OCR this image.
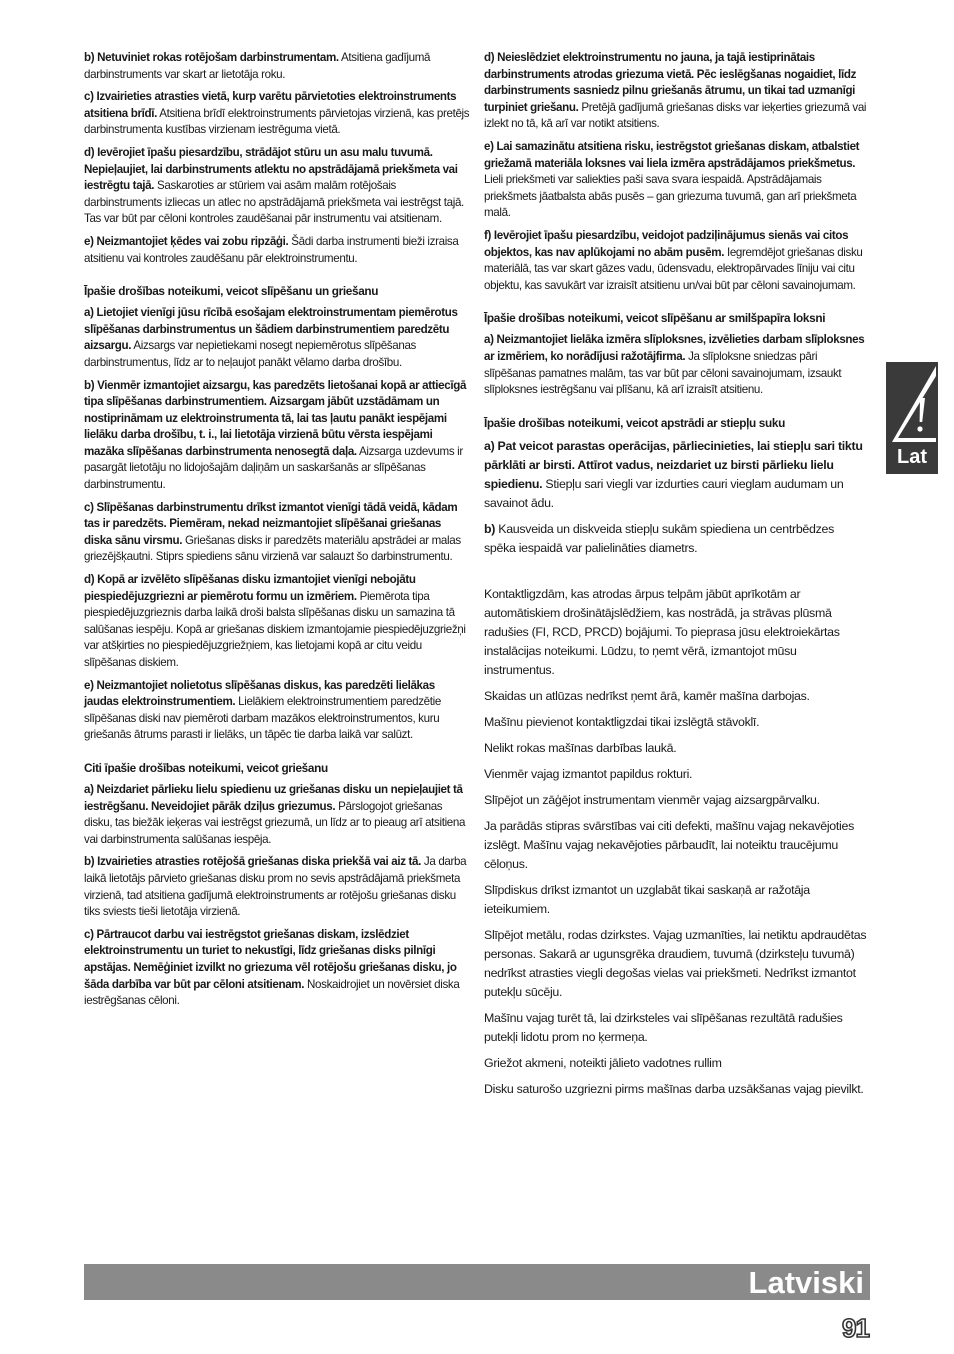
b) Netuviniet rokas rotējošam darbinstrumentam. Atsitiena gadījumā darbinstruments var skart ar lietotāja roku.

c) Izvairieties atrasties vietā, kurp varētu pārvietoties elektroinstruments atsitiena brīdī. Atsitiena brīdī elektroinstruments pārvietojas virzienā, kas pretējs darbinstrumenta kustības virzienam iestrēguma vietā.

d) Ievērojiet īpašu piesardzību, strādājot stūru un asu malu tuvumā. Nepieļaujiet, lai darbinstruments atlektu no apstrādājamā priekšmeta vai iestrēgtu tajā. Saskaroties ar stūriem vai asām malām rotējošais darbinstruments izliecas un atlec no apstrādājamā priekšmeta vai iestrēgst tajā. Tas var būt par cēloni kontroles zaudēšanai pār instrumentu vai atsitienam.

e) Neizmantojiet ķēdes vai zobu ripzāģi. Šādi darba instrumenti bieži izraisa atsitienu vai kontroles zaudēšanu pār elektroinstrumentu.

Īpašie drošības noteikumi, veicot slīpēšanu un griešanu

a) Lietojiet vienīgi jūsu rīcībā esošajam elektroinstrumentam piemērotus slīpēšanas darbinstrumentus un šādiem darbinstrumentiem paredzētu aizsargu. Aizsargs var nepietiekami nosegt nepiemērotus slīpēšanas darbinstrumentus, līdz ar to neļaujot panākt vēlamo darba drošību.

b) Vienmēr izmantojiet aizsargu, kas paredzēts lietošanai kopā ar attiecīgā tipa slīpēšanas darbinstrumentiem. Aizsargam jābūt uzstādāmam un nostiprināmam uz elektroinstrumenta tā, lai tas ļautu panākt iespējami lielāku darba drošību, t. i., lai lietotāja virzienā būtu vērsta iespējami mazāka slīpēšanas darbinstrumenta nenosegtā daļa. Aizsarga uzdevums ir pasargāt lietotāju no lidojošajām daļiņām un saskaršanās ar slīpēšanas darbinstrumentu.

c) Slīpēšanas darbinstrumentu drīkst izmantot vienīgi tādā veidā, kādam tas ir paredzēts. Piemēram, nekad neizmantojiet slīpēšanai griešanas diska sānu virsmu. Griešanas disks ir paredzēts materiālu apstrādei ar malas griezējšķautni. Stiprs spiediens sānu virzienā var salauzt šo darbinstrumentu.

d) Kopā ar izvēlēto slīpēšanas disku izmantojiet vienīgi nebojātu piespiedējuzgriezni ar piemērotu formu un izmēriem. Piemērota tipa piespiedējuzgrieznis darba laikā droši balsta slīpēšanas disku un samazina tā salūšanas iespēju. Kopā ar griešanas diskiem izmantojamie piespiedējuzgriežņi var atšķirties no piespiedējuzgriežņiem, kas lietojami kopā ar citu veidu slīpēšanas diskiem.

e) Neizmantojiet nolietotus slīpēšanas diskus, kas paredzēti lielākas jaudas elektroinstrumentiem. Lielākiem elektroinstrumentiem paredzētie slīpēšanas diski nav piemēroti darbam mazākos elektroinstrumentos, kuru griešanās ātrums parasti ir lielāks, un tāpēc tie darba laikā var salūzt.

Citi īpašie drošības noteikumi, veicot griešanu

a) Neizdariet pārlieku lielu spiedienu uz griešanas disku un nepieļaujiet tā iestrēgšanu. Neveidojiet pārāk dziļus griezumus. Pārslogojot griešanas disku, tas biežāk ieķeras vai iestrēgst griezumā, un līdz ar to pieaug arī atsitiena vai darbinstrumenta salūšanas iespēja.

b) Izvairieties atrasties rotējošā griešanas diska priekšā vai aiz tā. Ja darba laikā lietotājs pārvieto griešanas disku prom no sevis apstrādājamā priekšmeta virzienā, tad atsitiena gadījumā elektroinstruments ar rotējošu griešanas disku tiks sviests tieši lietotāja virzienā.

c) Pārtraucot darbu vai iestrēgstot griešanas diskam, izslēdziet elektroinstrumentu un turiet to nekustīgi, līdz griešanas disks pilnīgi apstājas. Nemēģiniet izvilkt no griezuma vēl rotējošu griešanas disku, jo šāda darbība var būt par cēloni atsitienam. Noskaidrojiet un novērsiet diska iestrēgšanas cēloni.

d) Neieslēdziet elektroinstrumentu no jauna, ja tajā iestiprinātais darbinstruments atrodas griezuma vietā. Pēc ieslēgšanas nogaidiet, līdz darbinstruments sasniedz pilnu griešanās ātrumu, un tikai tad uzmanīgi turpiniet griešanu. Pretējā gadījumā griešanas disks var ieķerties griezumā vai izlekt no tā, kā arī var notikt atsitiens.

e) Lai samazinātu atsitiena risku, iestrēgstot griešanas diskam, atbalstiet griežamā materiāla loksnes vai liela izmēra apstrādājamos priekšmetus. Lieli priekšmeti var saliekties paši sava svara iespaidā. Apstrādājamais priekšmets jāatbalsta abās pusēs – gan griezuma tuvumā, gan arī priekšmeta malā.

f) Ievērojiet īpašu piesardzību, veidojot padziļinājumus sienās vai citos objektos, kas nav aplūkojami no abām pusēm. Iegremdējot griešanas disku materiālā, tas var skart gāzes vadu, ūdensvadu, elektropārvades līniju vai citu objektu, kas savukārt var izraisīt atsitienu un/vai būt par cēloni savainojumam.

Īpašie drošības noteikumi, veicot slīpēšanu ar smilšpapīra loksni

a) Neizmantojiet lielāka izmēra slīploksnes, izvēlieties darbam slīploksnes ar izmēriem, ko norādījusi ražotājfirma. Ja slīploksne sniedzas pāri slīpēšanas pamatnes malām, tas var būt par cēloni savainojumam, izsaukt slīploksnes iestrēgšanu vai plīšanu, kā arī izraisīt atsitienu.

Īpašie drošības noteikumi, veicot apstrādi ar stiepļu suku

a) Pat veicot parastas operācijas, pārliecinieties, lai stiepļu sari tiktu pārklāti ar birsti. Attīrot vadus, neizdariet uz birsti pārlieku lielu spiedienu. Stiepļu sari viegli var izdurties cauri vieglam audumam un savainot ādu.

b) Kausveida un diskveida stiepļu sukām spiediena un centrbēdzes spēka iespaidā var palielināties diametrs.

Kontaktligzdām, kas atrodas ārpus telpām jābūt aprīkotām ar automātiskiem drošinātājslēdžiem, kas nostrādā, ja strāvas plūsmā radušies (FI, RCD, PRCD) bojājumi. To pieprasa jūsu elektroiekārtas instalācijas noteikumi. Lūdzu, to ņemt vērā, izmantojot mūsu instrumentus.

Skaidas un atlūzas nedrīkst ņemt ārā, kamēr mašīna darbojas.

Mašīnu pievienot kontaktligzdai tikai izslēgtā stāvoklī.

Nelikt rokas mašīnas darbības laukā.

Vienmēr vajag izmantot papildus rokturi.

Slīpējot un zāģējot instrumentam vienmēr vajag aizsargpārvalku.

Ja parādās stipras svārstības vai citi defekti, mašīnu vajag nekavējoties izslēgt. Mašīnu vajag nekavējoties pārbaudīt, lai noteiktu traucējumu cēloņus.

Slīpdiskus drīkst izmantot un uzglabāt tikai saskaņā ar ražotāja ieteikumiem.

Slīpējot metālu, rodas dzirkstes. Vajag uzmanīties, lai netiktu apdraudētas personas. Sakarā ar ugunsgrēka draudiem, tuvumā (dzirksteļu tuvumā) nedrīkst atrasties viegli degošas vielas vai priekšmeti. Nedrīkst izmantot putekļu sūcēju.

Mašīnu vajag turēt tā, lai dzirksteles vai slīpēšanas rezultātā radušies putekļi lidotu prom no ķermeņa.

Griežot akmeni, noteikti jālieto vadotnes rullim

Disku saturošo uzgriezni pirms mašīnas darba uzsākšanas vajag pievilkt.

Lat
Latviski
91
